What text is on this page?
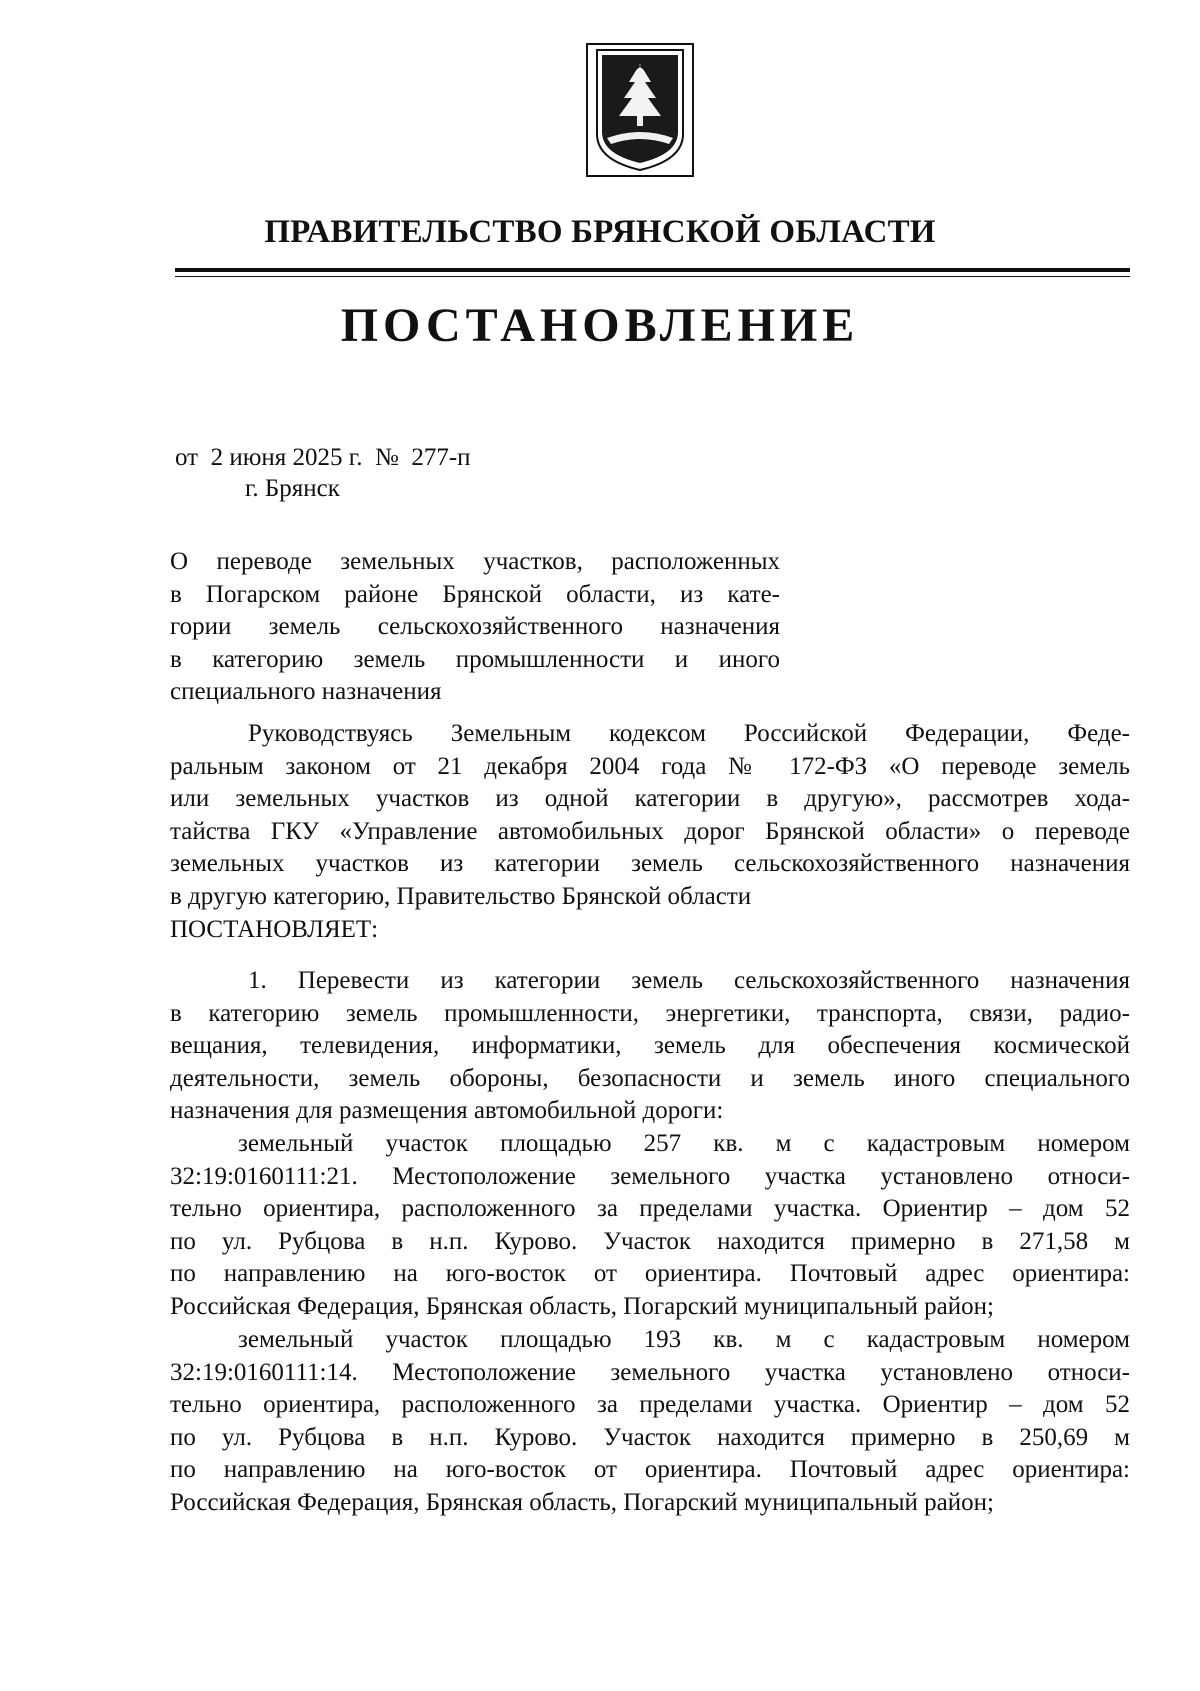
ПРАВИТЕЛЬСТВО БРЯНСКОЙ ОБЛАСТИ
ПОСТАНОВЛЕНИЕ
от  2 июня 2025 г.  №  277-п
г. Брянск
О переводе земельных участков, расположенных
в Погарском районе Брянской области, из кате-
гории земель сельскохозяйственного назначения
в категорию земель промышленности и иного
специального назначения
Руководствуясь Земельным кодексом Российской Федерации, Феде-
ральным законом от 21 декабря 2004 года № 172-ФЗ «О переводе земель
или земельных участков из одной категории в другую», рассмотрев хода-
тайства ГКУ «Управление автомобильных дорог Брянской области» о переводе
земельных участков из категории земель сельскохозяйственного назначения
в другую категорию, Правительство Брянской области
ПОСТАНОВЛЯЕТ:
1. Перевести из категории земель сельскохозяйственного назначения
в категорию земель промышленности, энергетики, транспорта, связи, радио-
вещания, телевидения, информатики, земель для обеспечения космической
деятельности, земель обороны, безопасности и земель иного специального
назначения для размещения автомобильной дороги:
земельный участок площадью 257 кв. м с кадастровым номером
32:19:0160111:21. Местоположение земельного участка установлено относи-
тельно ориентира, расположенного за пределами участка. Ориентир – дом 52
по ул. Рубцова в н.п. Курово. Участок находится примерно в 271,58 м
по направлению на юго-восток от ориентира. Почтовый адрес ориентира:
Российская Федерация, Брянская область, Погарский муниципальный район;
земельный участок площадью 193 кв. м с кадастровым номером
32:19:0160111:14. Местоположение земельного участка установлено относи-
тельно ориентира, расположенного за пределами участка. Ориентир – дом 52
по ул. Рубцова в н.п. Курово. Участок находится примерно в 250,69 м
по направлению на юго-восток от ориентира. Почтовый адрес ориентира:
Российская Федерация, Брянская область, Погарский муниципальный район;
